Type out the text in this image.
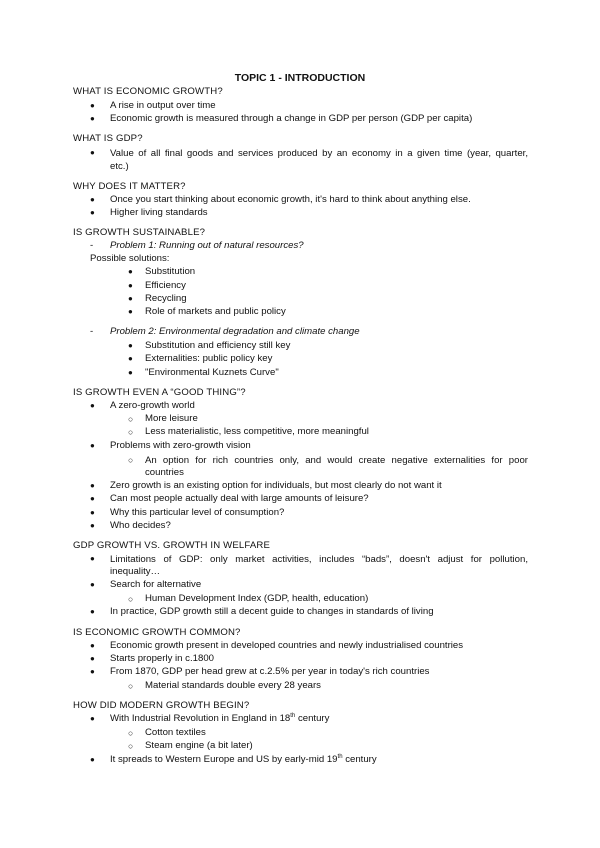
TOPIC 1 - INTRODUCTION
WHAT IS ECONOMIC GROWTH?
● A rise in output over time
● Economic growth is measured through a change in GDP per person (GDP per capita)
WHAT IS GDP?
● Value of all final goods and services produced by an economy in a given time (year, quarter,
etc.)
WHY DOES IT MATTER?
● Once you start thinking about economic growth, it's hard to think about anything else.
● Higher living standards
IS GROWTH SUSTAINABLE?
- Problem 1: Running out of natural resources?
Possible solutions:
● Substitution
● Efficiency
● Recycling
● Role of markets and public policy
- Problem 2: Environmental degradation and climate change
● Substitution and efficiency still key
● Externalities: public policy key
● "Environmental Kuznets Curve"
IS GROWTH EVEN A “GOOD THING”?
● A zero-growth world
○ More leisure
○ Less materialistic, less competitive, more meaningful
● Problems with zero-growth vision
○ An option for rich countries only, and would create negative externalities for poor
countries
● Zero growth is an existing option for individuals, but most clearly do not want it
● Can most people actually deal with large amounts of leisure?
● Why this particular level of consumption?
● Who decides?
GDP GROWTH VS. GROWTH IN WELFARE
● Limitations of GDP: only market activities, includes “bads”, doesn't adjust for pollution,
inequality…
● Search for alternative
○ Human Development Index (GDP, health, education)
● In practice, GDP growth still a decent guide to changes in standards of living
IS ECONOMIC GROWTH COMMON?
● Economic growth present in developed countries and newly industrialised countries
● Starts properly in c.1800
● From 1870, GDP per head grew at c.2.5% per year in today's rich countries
○ Material standards double every 28 years
HOW DID MODERN GROWTH BEGIN?
● With Industrial Revolution in England in 18th century
○ Cotton textiles
○ Steam engine (a bit later)
● It spreads to Western Europe and US by early-mid 19th century
